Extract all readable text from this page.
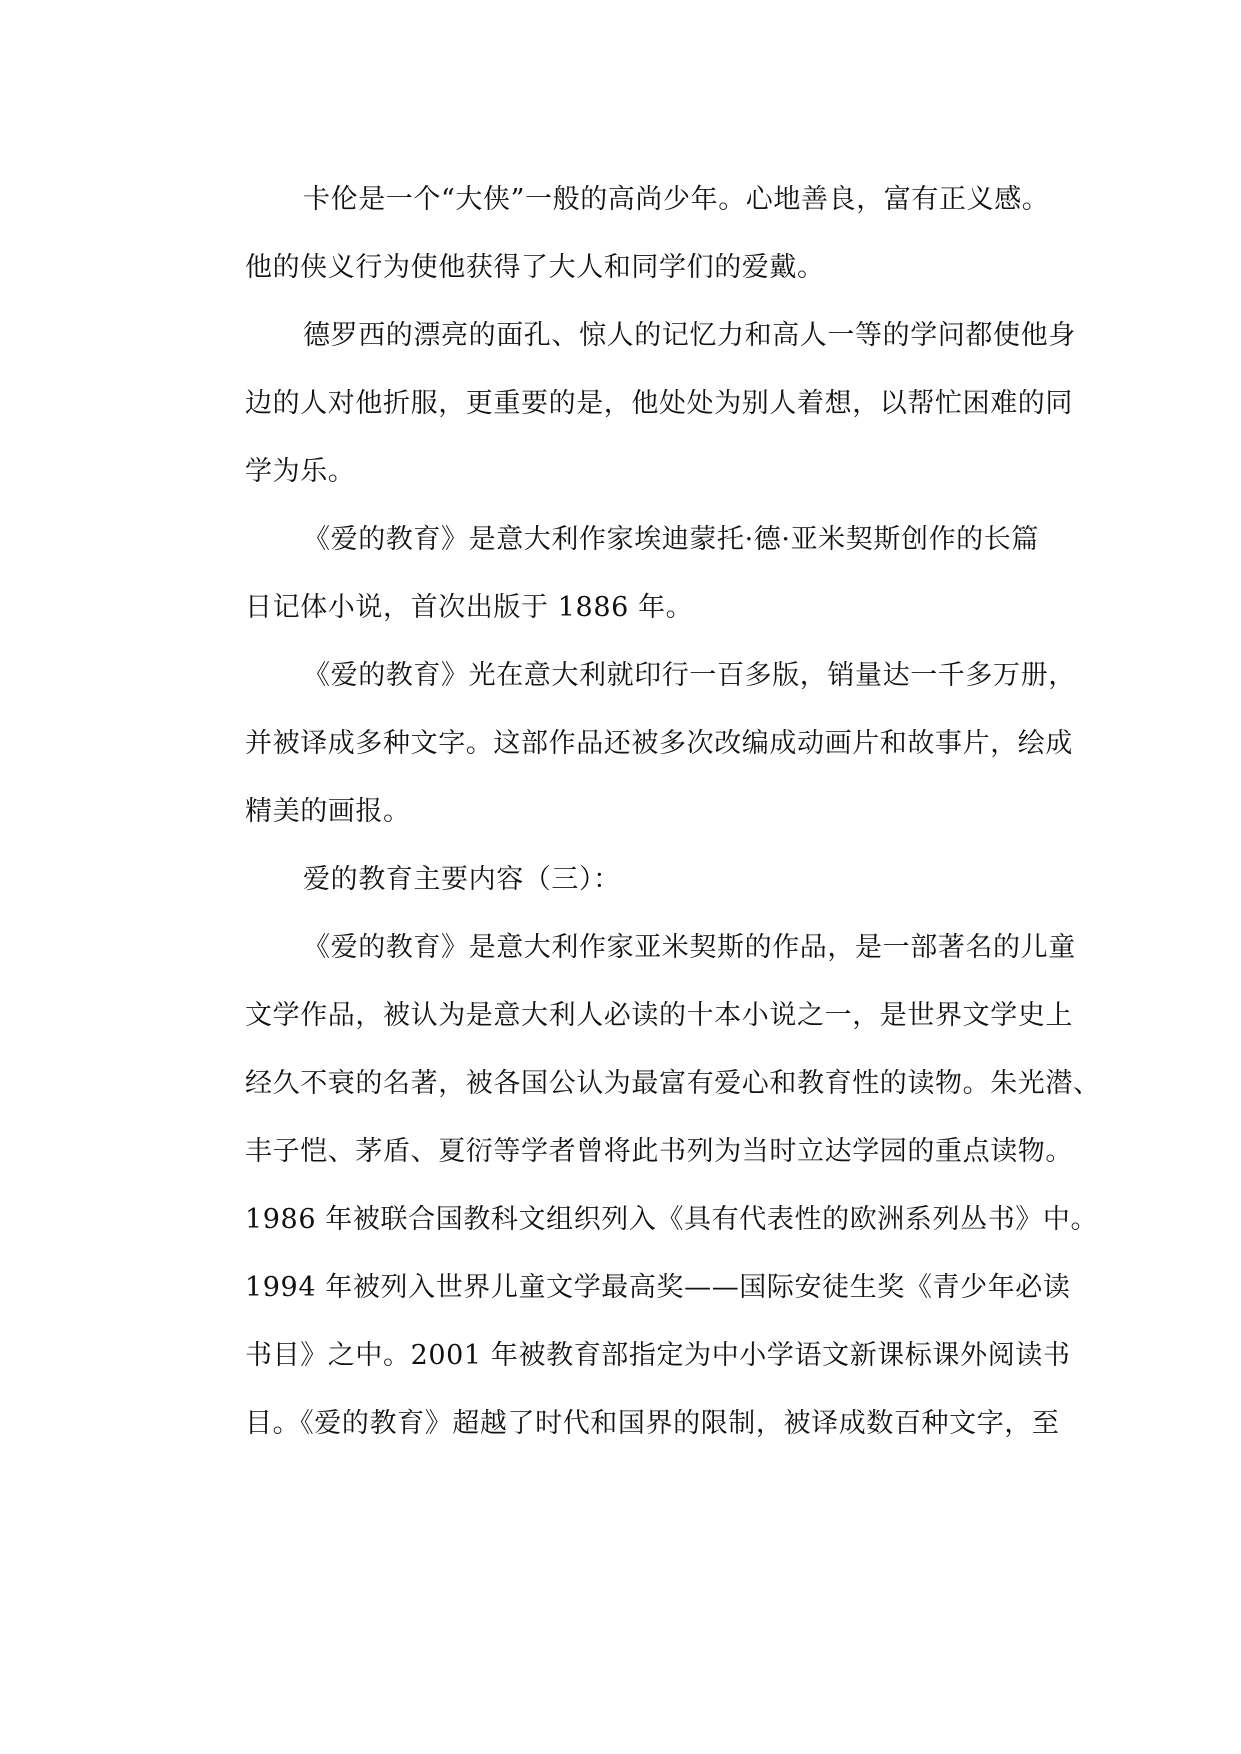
卡伦是一个“大侠”一般的高尚少年。心地善良，富有正义感。
他的侠义行为使他获得了大人和同学们的爱戴。
德罗西的漂亮的面孔、惊人的记忆力和高人一等的学问都使他身
边的人对他折服，更重要的是，他处处为别人着想，以帮忙困难的同
学为乐。
《爱的教育》是意大利作家埃迪蒙托·德·亚米契斯创作的长篇
日记体小说，首次出版于 1886 年。
《爱的教育》光在意大利就印行一百多版，销量达一千多万册，
并被译成多种文字。这部作品还被多次改编成动画片和故事片，绘成
精美的画报。
爱的教育主要内容（三）：
《爱的教育》是意大利作家亚米契斯的作品，是一部著名的儿童
文学作品，被认为是意大利人必读的十本小说之一，是世界文学史上
经久不衰的名著，被各国公认为最富有爱心和教育性的读物。朱光潜、
丰子恺、茅盾、夏衍等学者曾将此书列为当时立达学园的重点读物。
1986 年被联合国教科文组织列入《具有代表性的欧洲系列丛书》中。
1994 年被列入世界儿童文学最高奖——国际安徒生奖《青少年必读
书目》之中。2001 年被教育部指定为中小学语文新课标课外阅读书
目。《爱的教育》超越了时代和国界的限制，被译成数百种文字，至
